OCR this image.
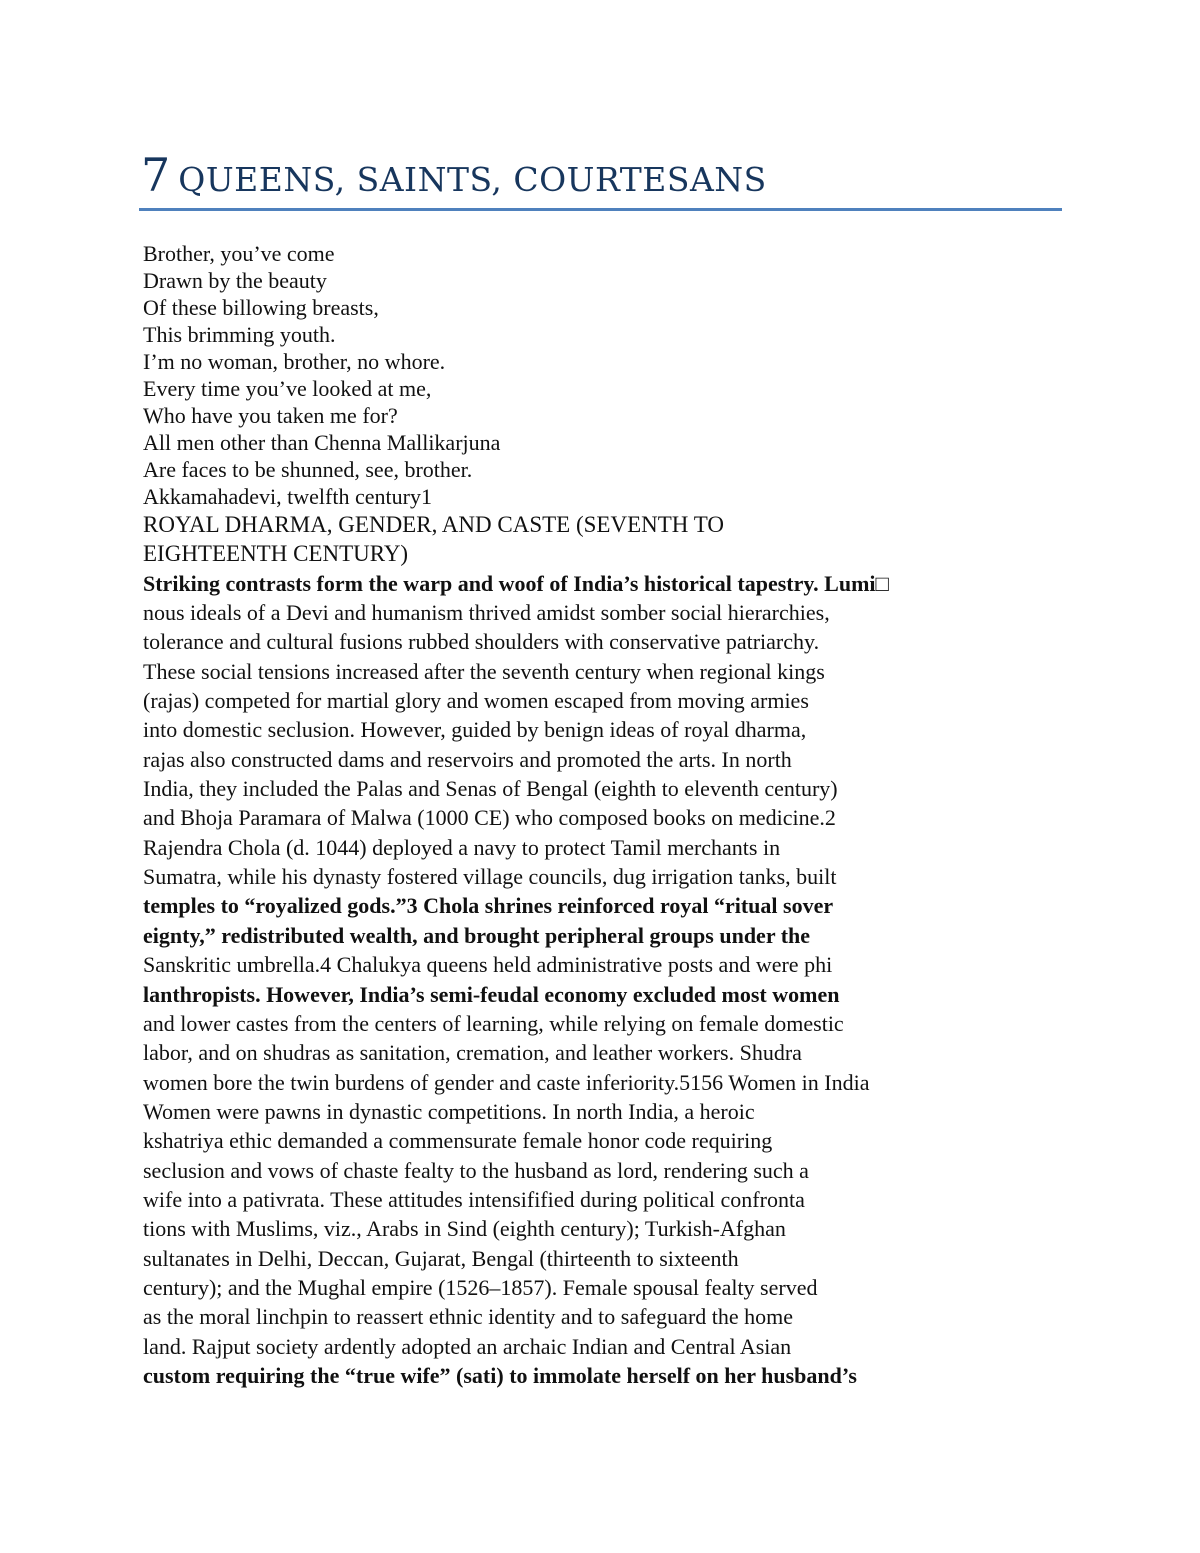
7 QUEENS, SAINTS, COURTESANS
Brother, you’ve come
Drawn by the beauty
Of these billowing breasts,
This brimming youth.
I’m no woman, brother, no whore.
Every time you’ve looked at me,
Who have you taken me for?
All men other than Chenna Mallikarjuna
Are faces to be shunned, see, brother.
Akkamahadevi, twelfth century1
ROYAL DHARMA, GENDER, AND CASTE (SEVENTH TO
EIGHTEENTH CENTURY)
Striking contrasts form the warp and woof of India’s historical tapestry. Lumi□
nous ideals of a Devi and humanism thrived amidst somber social hierarchies,
tolerance and cultural fusions rubbed shoulders with conservative patriarchy.
These social tensions increased after the seventh century when regional kings
(rajas) competed for martial glory and women escaped from moving armies
into domestic seclusion. However, guided by benign ideas of royal dharma,
rajas also constructed dams and reservoirs and promoted the arts. In north
India, they included the Palas and Senas of Bengal (eighth to eleventh century)
and Bhoja Paramara of Malwa (1000 CE) who composed books on medicine.2
Rajendra Chola (d. 1044) deployed a navy to protect Tamil merchants in
Sumatra, while his dynasty fostered village councils, dug irrigation tanks, built
temples to “royalized gods.”3 Chola shrines reinforced royal “ritual sover
eignty,” redistributed wealth, and brought peripheral groups under the
Sanskritic umbrella.4 Chalukya queens held administrative posts and were phi
lanthropists. However, India’s semi-feudal economy excluded most women
and lower castes from the centers of learning, while relying on female domestic
labor, and on shudras as sanitation, cremation, and leather workers. Shudra
women bore the twin burdens of gender and caste inferiority.5156 Women in India
Women were pawns in dynastic competitions. In north India, a heroic
kshatriya ethic demanded a commensurate female honor code requiring
seclusion and vows of chaste fealty to the husband as lord, rendering such a
wife into a pativrata. These attitudes intensifified during political confronta
tions with Muslims, viz., Arabs in Sind (eighth century); Turkish-Afghan
sultanates in Delhi, Deccan, Gujarat, Bengal (thirteenth to sixteenth
century); and the Mughal empire (1526–1857). Female spousal fealty served
as the moral linchpin to reassert ethnic identity and to safeguard the home
land. Rajput society ardently adopted an archaic Indian and Central Asian
custom requiring the “true wife” (sati) to immolate herself on her husband’s
